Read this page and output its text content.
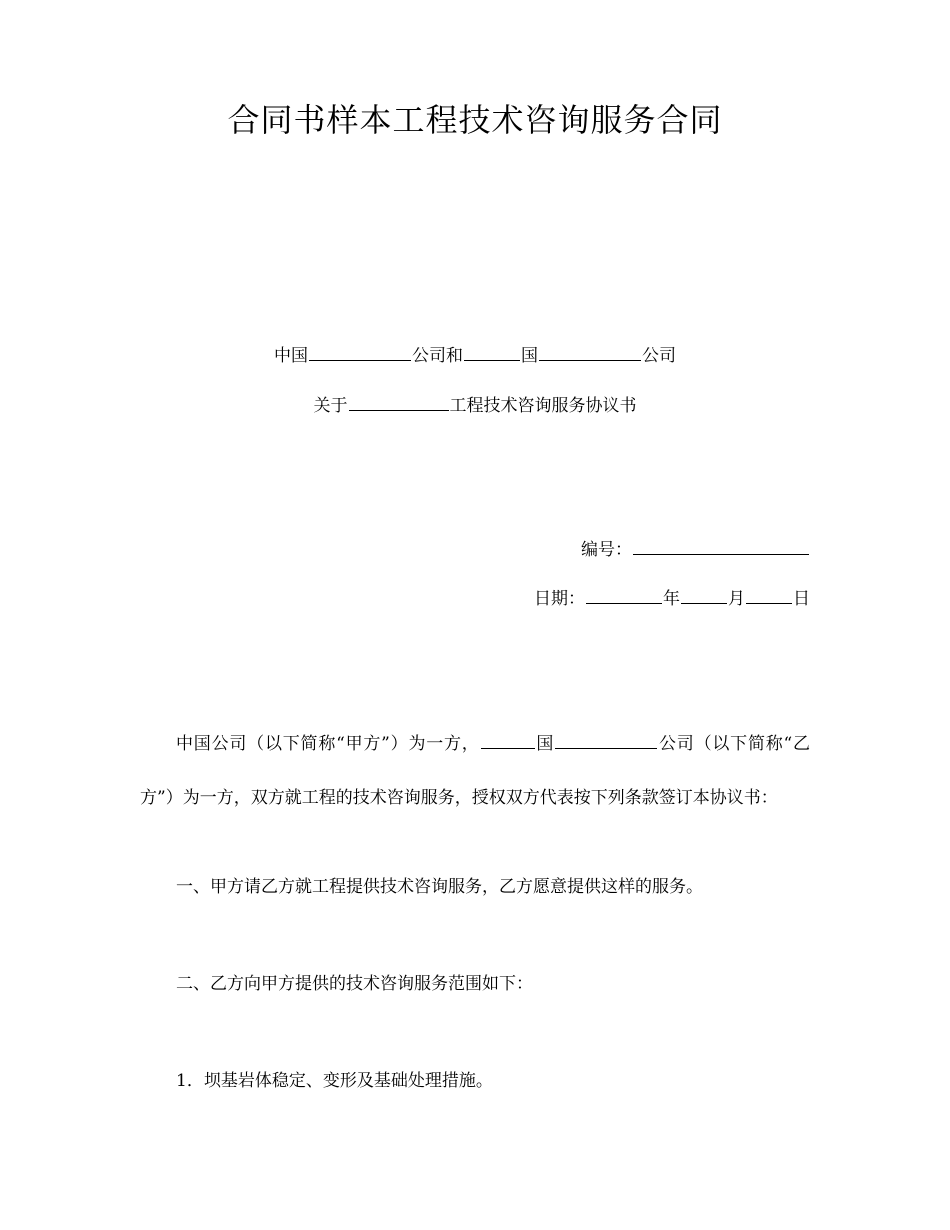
合同书样本工程技术咨询服务合同
中国	公司和	国	公司
关于	工程技术咨询服务协议书
编号：
日期：	年	月	日
中国公司（以下简称“甲方”）为一方，	国	公司（以下简称“乙方”）为一方，双方就工程的技术咨询服务，授权双方代表按下列条款签订本协议书：
一、甲方请乙方就工程提供技术咨询服务，乙方愿意提供这样的服务。
二、乙方向甲方提供的技术咨询服务范围如下：
1．坝基岩体稳定、变形及基础处理措施。
